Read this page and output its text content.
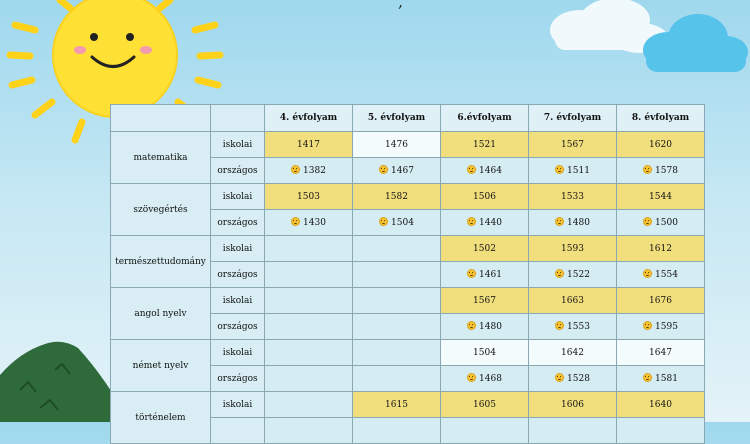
,
		4. évfolyam	5. évfolyam	6.évfolyam	7. évfolyam	8. évfolyam
matematika	iskolai	1417	1476	1521	1567	1620
	országos	1382	1467	1464	1511	1578
szövegértés	iskolai	1503	1582	1506	1533	1544
	országos	1430	1504	1440	1480	1500
természettudomány	iskolai			1502	1593	1612
	országos			1461	1522	1554
angol nyelv	iskolai			1567	1663	1676
	országos			1480	1553	1595
német nyelv	iskolai			1504	1642	1647
	országos			1468	1528	1581
történelem	iskolai		1615	1605	1606	1640
